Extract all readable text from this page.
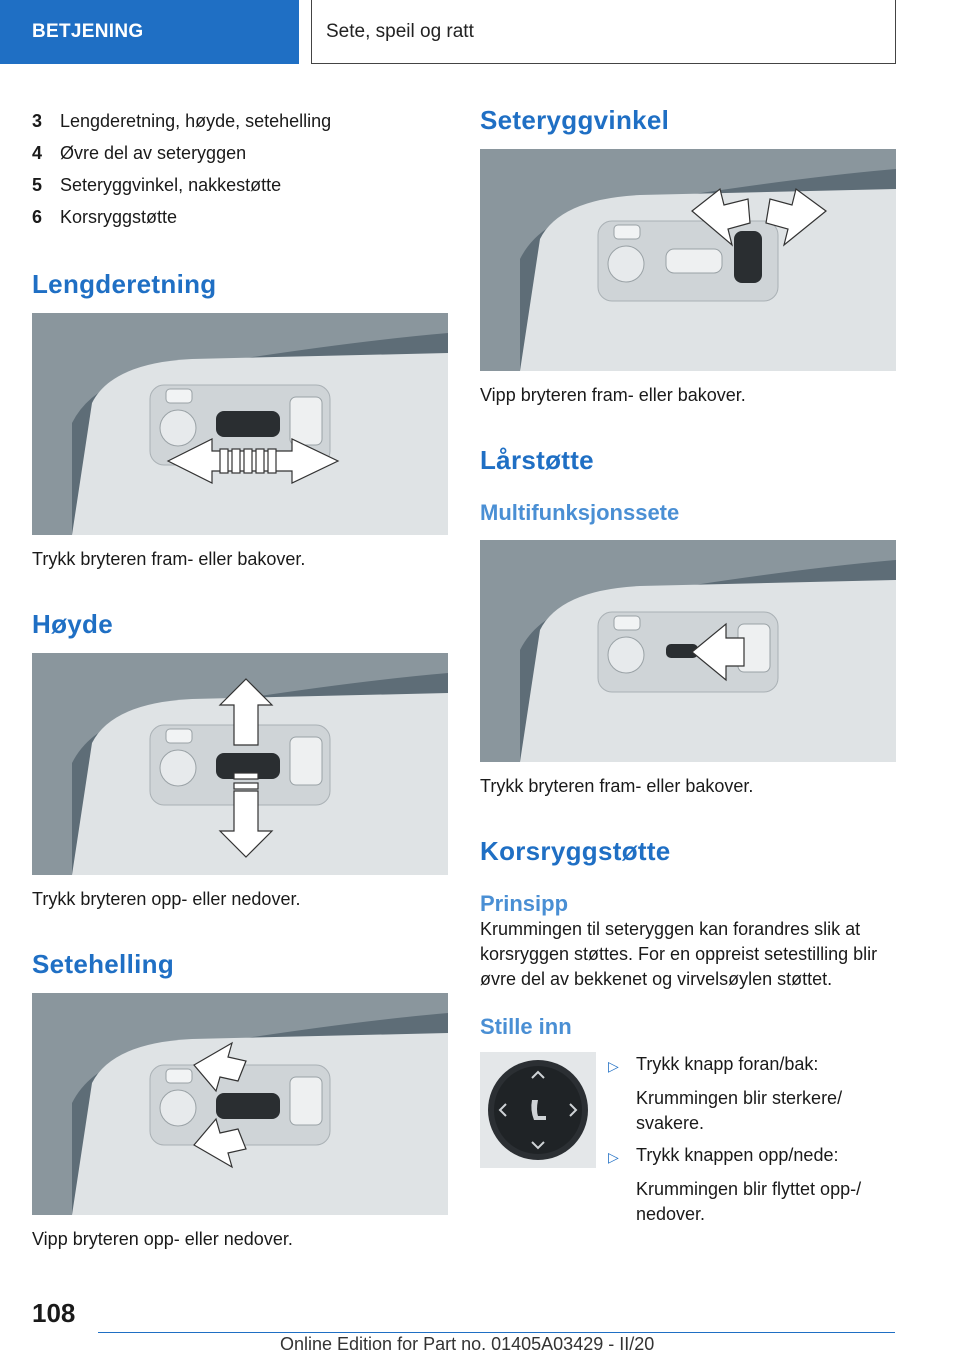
BETJENING	Sete, speil og ratt
3 Lengderetning, høyde, setehelling
4 Øvre del av seteryggen
5 Seteryggvinkel, nakkestøtte
6 Korsryggstøtte
Lengderetning
Trykk bryteren fram- eller bakover.
Høyde
Trykk bryteren opp- eller nedover.
Setehelling
Vipp bryteren opp- eller nedover.
Seteryggvinkel
Vipp bryteren fram- eller bakover.
Lårstøtte
Multifunksjonssete
Trykk bryteren fram- eller bakover.
Korsryggstøtte
Prinsipp
Krummingen til seteryggen kan forandres slik at korsryggen støttes. For en oppreist setestilling blir øvre del av bekkenet og virvelsøylen støttet.
Stille inn
▷ Trykk knapp foran/bak:
Krummingen blir sterkere/ svakere.
▷ Trykk knappen opp/nede:
Krummingen blir flyttet opp-/ nedover.
108
Online Edition for Part no. 01405A03429 - II/20
